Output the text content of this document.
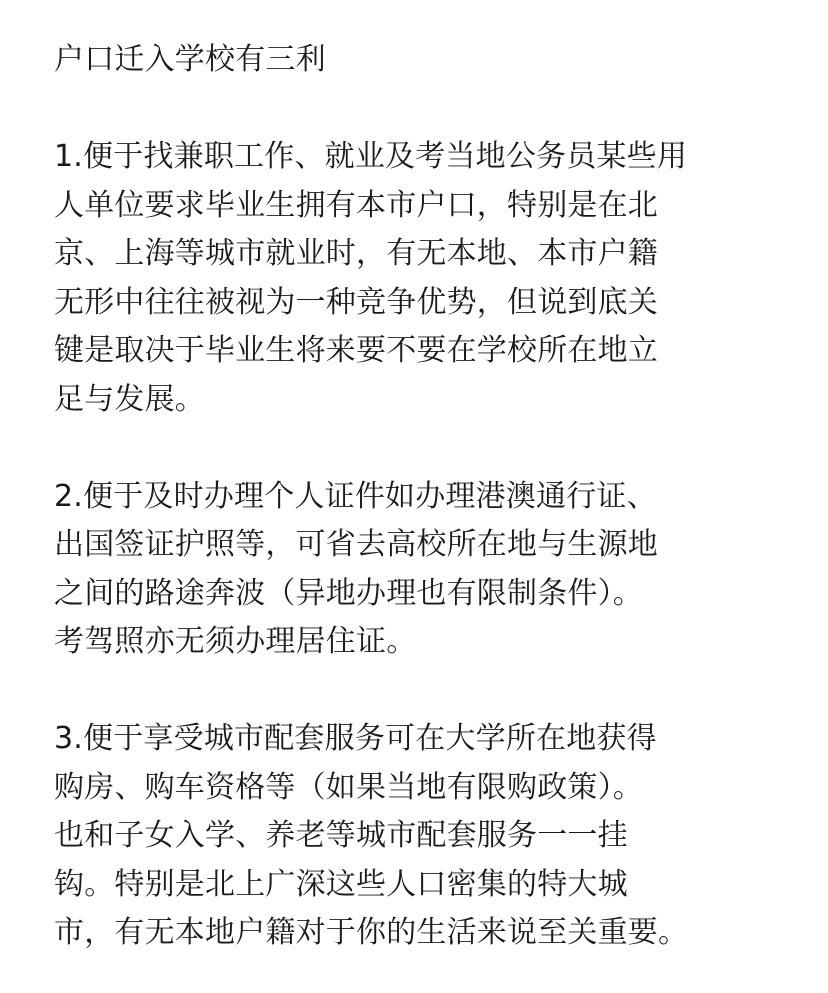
户口迁入学校有三利
1.便于找兼职工作、就业及考当地公务员某些用
人单位要求毕业生拥有本市户口，特别是在北
京、上海等城市就业时，有无本地、本市户籍
无形中往往被视为一种竞争优势，但说到底关
键是取决于毕业生将来要不要在学校所在地立
足与发展。
2.便于及时办理个人证件如办理港澳通行证、
出国签证护照等，可省去高校所在地与生源地
之间的路途奔波（异地办理也有限制条件）。
考驾照亦无须办理居住证。
3.便于享受城市配套服务可在大学所在地获得
购房、购车资格等（如果当地有限购政策）。
也和子女入学、养老等城市配套服务一一挂
钩。特别是北上广深这些人口密集的特大城
市，有无本地户籍对于你的生活来说至关重要。
